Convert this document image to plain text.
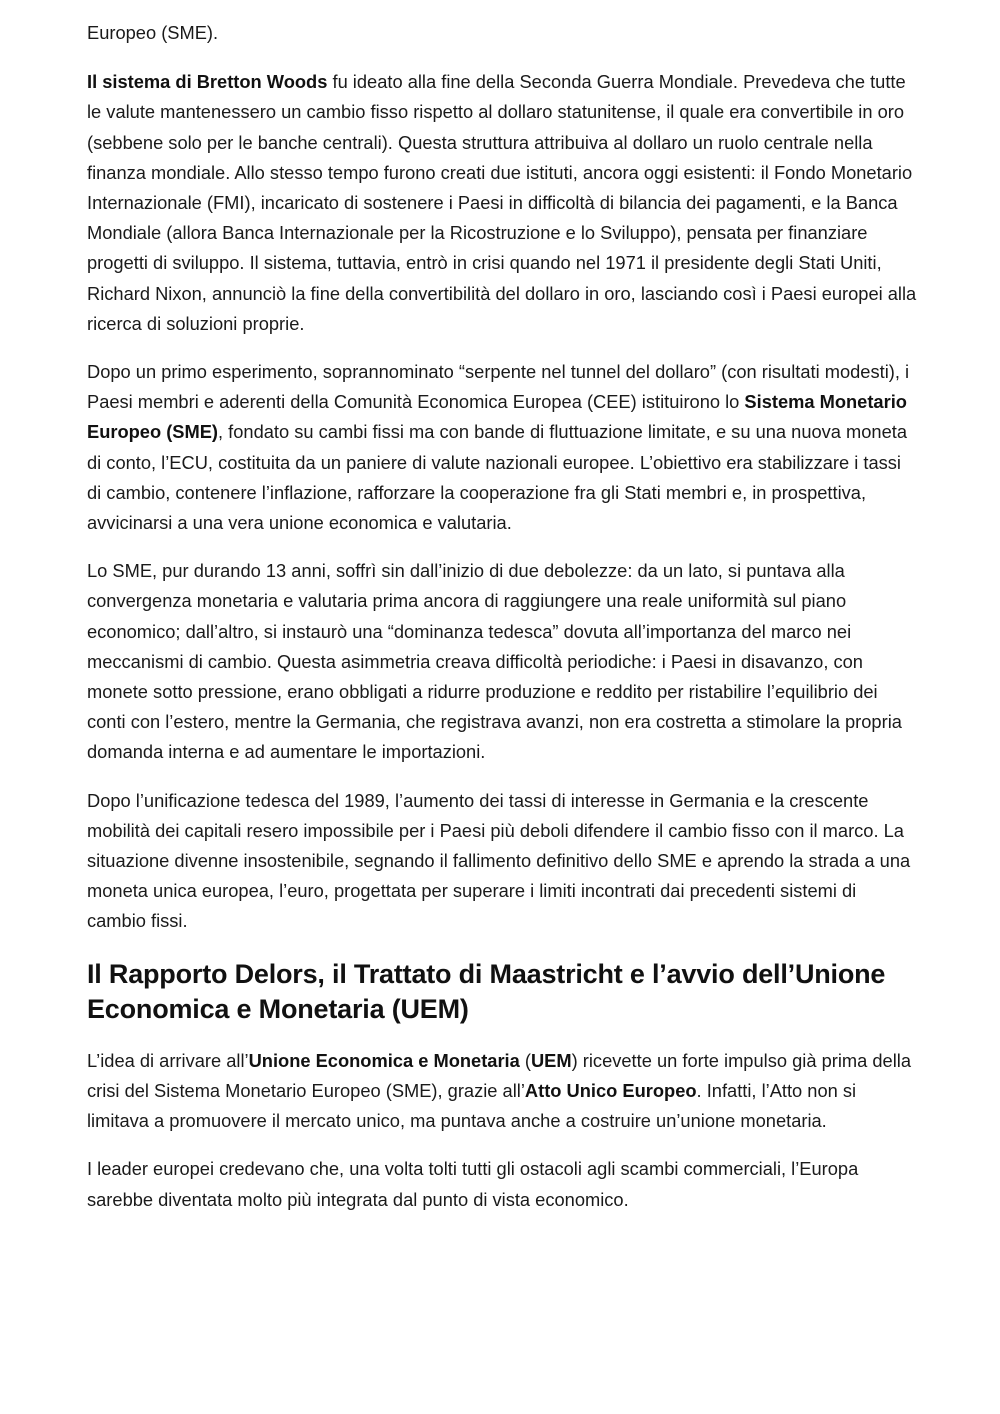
Europeo (SME).

Il sistema di Bretton Woods fu ideato alla fine della Seconda Guerra Mondiale. Prevedeva che tutte le valute mantenessero un cambio fisso rispetto al dollaro statunitense, il quale era convertibile in oro (sebbene solo per le banche centrali). Questa struttura attribuiva al dollaro un ruolo centrale nella finanza mondiale. Allo stesso tempo furono creati due istituti, ancora oggi esistenti: il Fondo Monetario Internazionale (FMI), incaricato di sostenere i Paesi in difficoltà di bilancia dei pagamenti, e la Banca Mondiale (allora Banca Internazionale per la Ricostruzione e lo Sviluppo), pensata per finanziare progetti di sviluppo. Il sistema, tuttavia, entrò in crisi quando nel 1971 il presidente degli Stati Uniti, Richard Nixon, annunciò la fine della convertibilità del dollaro in oro, lasciando così i Paesi europei alla ricerca di soluzioni proprie.

Dopo un primo esperimento, soprannominato “serpente nel tunnel del dollaro” (con risultati modesti), i Paesi membri e aderenti della Comunità Economica Europea (CEE) istituirono lo Sistema Monetario Europeo (SME), fondato su cambi fissi ma con bande di fluttuazione limitate, e su una nuova moneta di conto, l’ECU, costituita da un paniere di valute nazionali europee. L’obiettivo era stabilizzare i tassi di cambio, contenere l’inflazione, rafforzare la cooperazione fra gli Stati membri e, in prospettiva, avvicinarsi a una vera unione economica e valutaria.

Lo SME, pur durando 13 anni, soffrì sin dall’inizio di due debolezze: da un lato, si puntava alla convergenza monetaria e valutaria prima ancora di raggiungere una reale uniformità sul piano economico; dall’altro, si instaurò una “dominanza tedesca” dovuta all’importanza del marco nei meccanismi di cambio. Questa asimmetria creava difficoltà periodiche: i Paesi in disavanzo, con monete sotto pressione, erano obbligati a ridurre produzione e reddito per ristabilire l’equilibrio dei conti con l’estero, mentre la Germania, che registrava avanzi, non era costretta a stimolare la propria domanda interna e ad aumentare le importazioni.

Dopo l’unificazione tedesca del 1989, l’aumento dei tassi di interesse in Germania e la crescente mobilità dei capitali resero impossibile per i Paesi più deboli difendere il cambio fisso con il marco. La situazione divenne insostenibile, segnando il fallimento definitivo dello SME e aprendo la strada a una moneta unica europea, l’euro, progettata per superare i limiti incontrati dai precedenti sistemi di cambio fissi.

Il Rapporto Delors, il Trattato di Maastricht e l’avvio dell’Unione Economica e Monetaria (UEM)

L’idea di arrivare all’Unione Economica e Monetaria (UEM) ricevette un forte impulso già prima della crisi del Sistema Monetario Europeo (SME), grazie all’Atto Unico Europeo. Infatti, l’Atto non si limitava a promuovere il mercato unico, ma puntava anche a costruire un’unione monetaria.

I leader europei credevano che, una volta tolti tutti gli ostacoli agli scambi commerciali, l’Europa sarebbe diventata molto più integrata dal punto di vista economico.
